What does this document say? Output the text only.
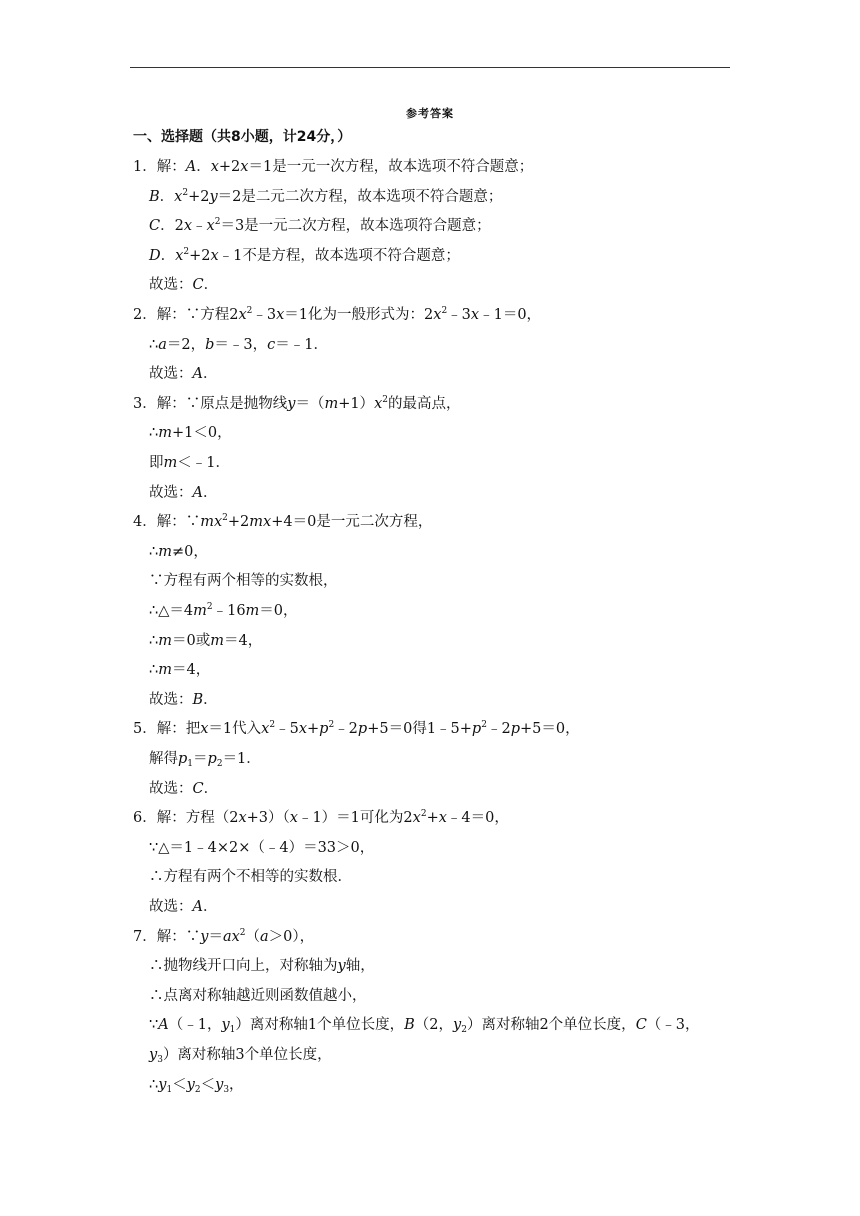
参考答案
一、选择题（共8小题，计24分，）
1．解：A．x+2x＝1是一元一次方程，故本选项不符合题意；
B．$x^2+2y=2$是二元二次方程，故本选项不符合题意；
C．$2x﹣x^2=3$是一元二次方程，故本选项符合题意；
D．$x^2+2x﹣1$不是方程，故本选项不符合题意；
故选：C．
2．解：∵方程$2x^2﹣3x=1$化为一般形式为：$2x^2﹣3x﹣1=0$，
∴a＝2，b＝﹣3，c＝﹣1．
故选：A．
3．解：∵原点是抛物线$y=(m+1)x^2$的最高点，
∴m+1＜0，
即m＜﹣1．
故选：A．
4．解：$\because mx^2+2mx+4=0$是一元二次方程，
∴m≠0，
∵方程有两个相等的实数根，
$\therefore\triangle=4m^2﹣16m=0$，
∴m＝0或m＝4，
∴m＝4，
故选：B．
5．解：把x＝1代入$x^2﹣5x+p^2﹣2p+5=0$得$1﹣5+p^2﹣2p+5=0$，
解得$p_1=p_2=1$．
故选：C．
6．解：方程（2x+3）（x﹣1）＝1可化为$2x^2+x﹣4=0$，
∵△＝1﹣4×2×（﹣4）＝33＞0，
∴方程有两个不相等的实数根．
故选：A．
7．解：$\because y=ax^2(a>0)$，
∴抛物线开口向上，对称轴为y轴，
∴点离对称轴越近则函数值越小，
∵A（﹣1，$y_1$）离对称轴1个单位长度，B（2，$y_2$）离对称轴2个单位长度，C（﹣3，
$y_3$）离对称轴3个单位长度，
$\therefore y_1<y_2<y_3$，
